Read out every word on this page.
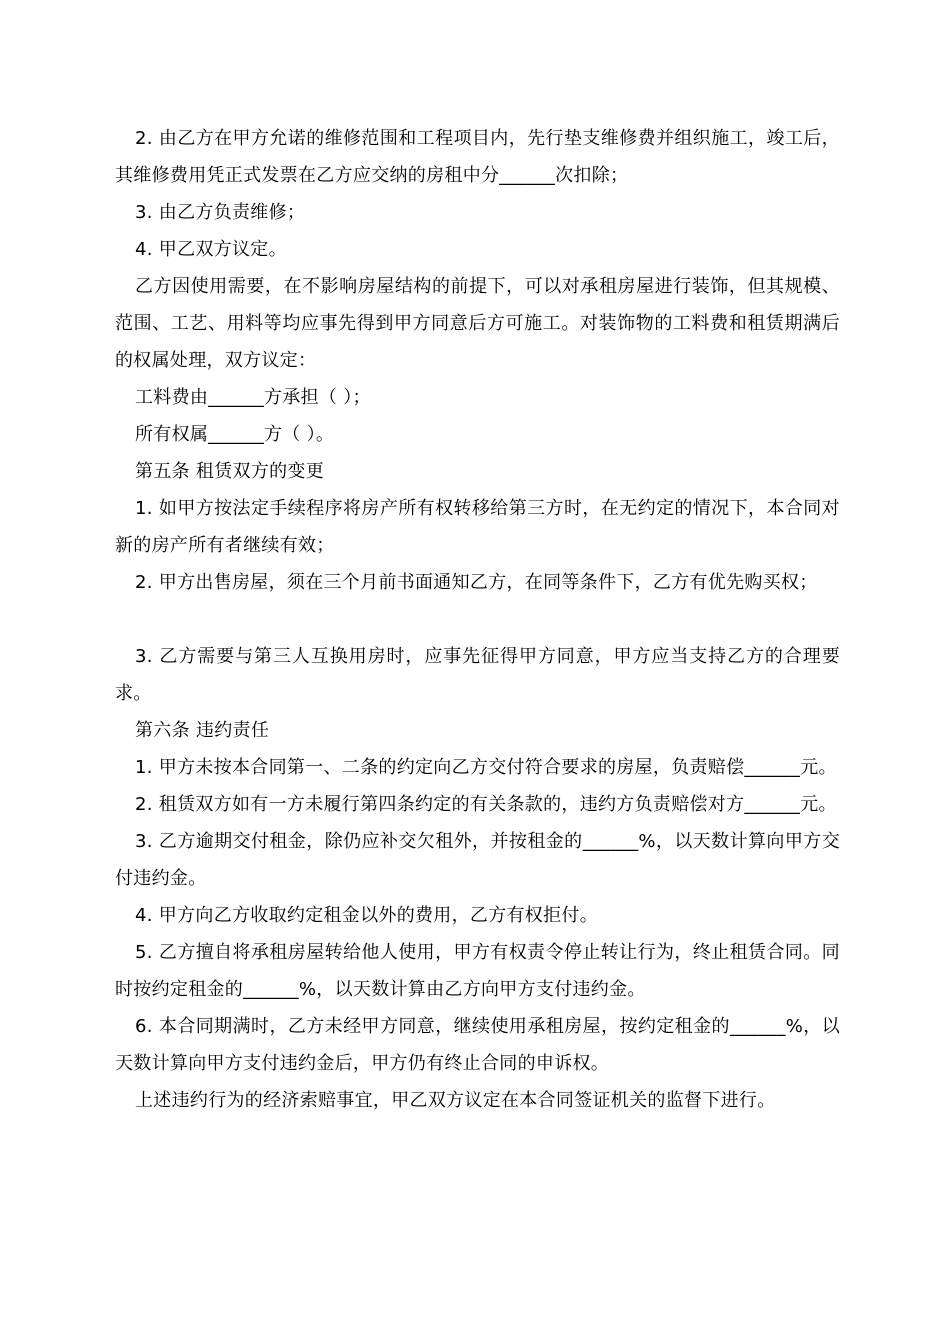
2. 由乙方在甲方允诺的维修范围和工程项目内，先行垫支维修费并组织施工，竣工后，其维修费用凭正式发票在乙方应交纳的房租中分______次扣除；

3. 由乙方负责维修；

4. 甲乙双方议定。

乙方因使用需要，在不影响房屋结构的前提下，可以对承租房屋进行装饰，但其规模、范围、工艺、用料等均应事先得到甲方同意后方可施工。对装饰物的工料费和租赁期满后的权属处理，双方议定：

工料费由______方承担（ ）；

所有权属______方（ ）。

第五条 租赁双方的变更

1. 如甲方按法定手续程序将房产所有权转移给第三方时，在无约定的情况下，本合同对新的房产所有者继续有效；

2. 甲方出售房屋，须在三个月前书面通知乙方，在同等条件下，乙方有优先购买权；

3. 乙方需要与第三人互换用房时，应事先征得甲方同意，甲方应当支持乙方的合理要求。

第六条 违约责任

1. 甲方未按本合同第一、二条的约定向乙方交付符合要求的房屋，负责赔偿______元。

2. 租赁双方如有一方未履行第四条约定的有关条款的，违约方负责赔偿对方______元。

3. 乙方逾期交付租金，除仍应补交欠租外，并按租金的______%，以天数计算向甲方交付违约金。

4. 甲方向乙方收取约定租金以外的费用，乙方有权拒付。

5. 乙方擅自将承租房屋转给他人使用，甲方有权责令停止转让行为，终止租赁合同。同时按约定租金的______%，以天数计算由乙方向甲方支付违约金。

6. 本合同期满时，乙方未经甲方同意，继续使用承租房屋，按约定租金的______%，以天数计算向甲方支付违约金后，甲方仍有终止合同的申诉权。

上述违约行为的经济索赔事宜，甲乙双方议定在本合同签证机关的监督下进行。
